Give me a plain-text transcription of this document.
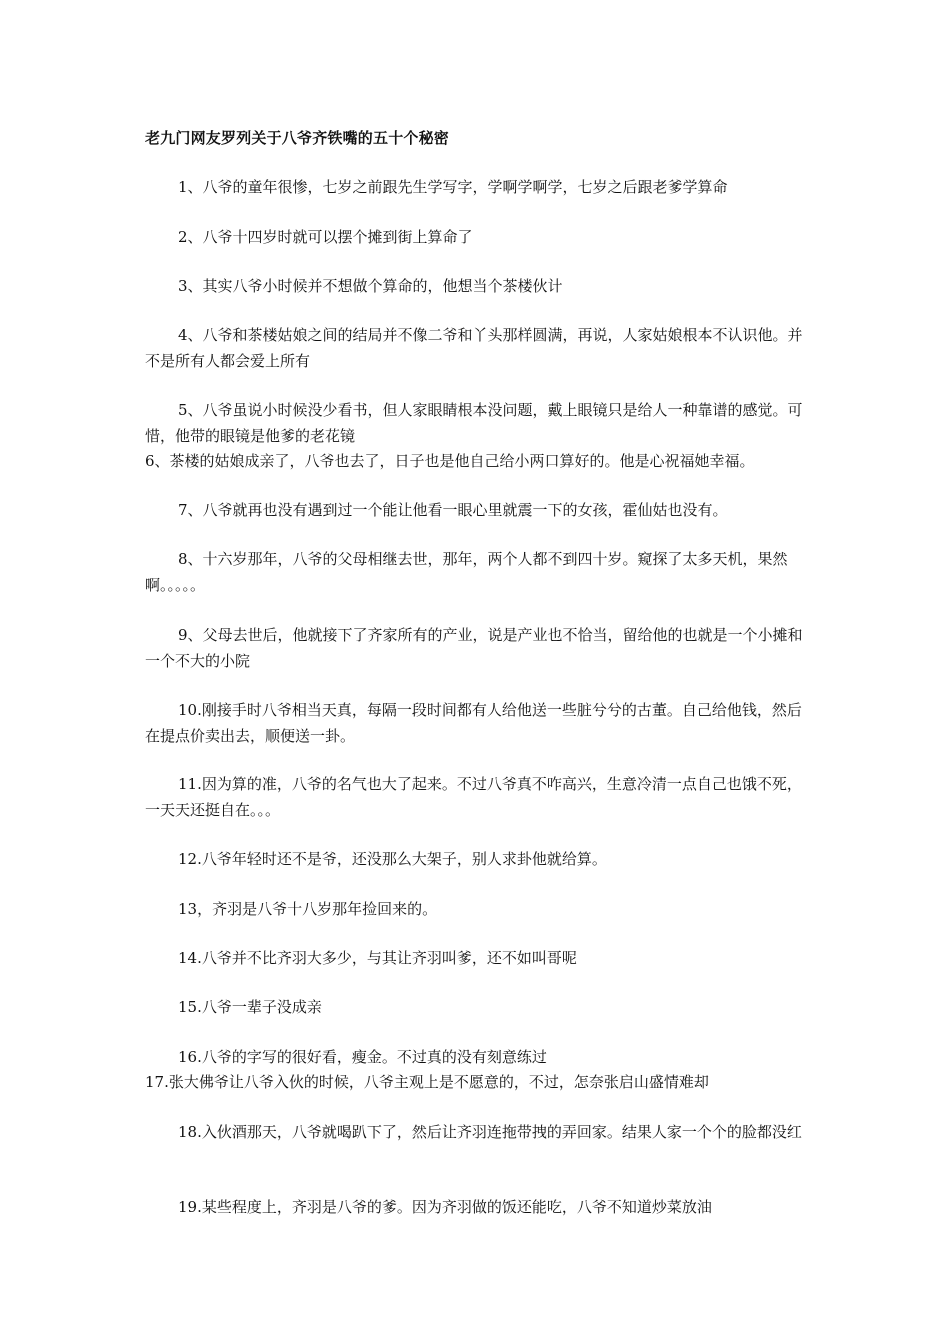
老九门网友罗列关于八爷齐铁嘴的五十个秘密
1、八爷的童年很惨，七岁之前跟先生学写字，学啊学啊学，七岁之后跟老爹学算命
2、八爷十四岁时就可以摆个摊到街上算命了
3、其实八爷小时候并不想做个算命的，他想当个茶楼伙计
4、八爷和茶楼姑娘之间的结局并不像二爷和丫头那样圆满，再说，人家姑娘根本不认识他。并不是所有人都会爱上所有
5、八爷虽说小时候没少看书，但人家眼睛根本没问题，戴上眼镜只是给人一种靠谱的感觉。可惜，他带的眼镜是他爹的老花镜
6、茶楼的姑娘成亲了，八爷也去了，日子也是他自己给小两口算好的。他是心祝福她幸福。
7、八爷就再也没有遇到过一个能让他看一眼心里就震一下的女孩，霍仙姑也没有。
8、十六岁那年，八爷的父母相继去世，那年，两个人都不到四十岁。窥探了太多天机，果然啊。。。。。
9、父母去世后，他就接下了齐家所有的产业，说是产业也不恰当，留给他的也就是一个小摊和一个不大的小院
10.刚接手时八爷相当天真，每隔一段时间都有人给他送一些脏兮兮的古董。自己给他钱，然后在提点价卖出去，顺便送一卦。
11.因为算的准，八爷的名气也大了起来。不过八爷真不咋高兴，生意冷清一点自己也饿不死，一天天还挺自在。。。
12.八爷年轻时还不是爷，还没那么大架子，别人求卦他就给算。
13，齐羽是八爷十八岁那年捡回来的。
14.八爷并不比齐羽大多少，与其让齐羽叫爹，还不如叫哥呢
15.八爷一辈子没成亲
16.八爷的字写的很好看，瘦金。不过真的没有刻意练过
17.张大佛爷让八爷入伙的时候，八爷主观上是不愿意的，不过，怎奈张启山盛情难却
18.入伙酒那天，八爷就喝趴下了，然后让齐羽连拖带拽的弄回家。结果人家一个个的脸都没红
19.某些程度上，齐羽是八爷的爹。因为齐羽做的饭还能吃，八爷不知道炒菜放油
